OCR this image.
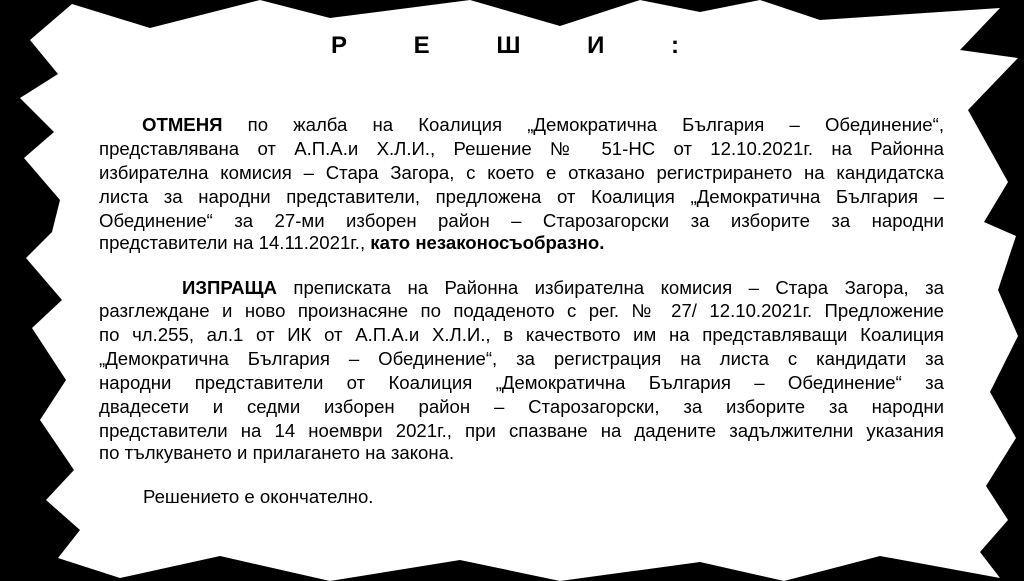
Р Е Ш И :
ОТМЕНЯ по жалба на Коалиция „Демократична България – Обединение“,
представлявана от А.П.А.и Х.Л.И., Решение № 51-НС от 12.10.2021г. на Районна
избирателна комисия – Стара Загора, с което е отказано регистрирането на кандидатска
листа за народни представители, предложена от Коалиция „Демократична България –
Обединение“ за 27-ми изборен район – Старозагорски за изборите за народни
представители на 14.11.2021г., като незаконосъобразно.
ИЗПРАЩА преписката на Районна избирателна комисия – Стара Загора, за
разглеждане и ново произнасяне по подаденото с рег. № 27/ 12.10.2021г. Предложение
по чл.255, ал.1 от ИК от А.П.А.и Х.Л.И., в качеството им на представляващи Коалиция
„Демократична България – Обединение“, за регистрация на листа с кандидати за
народни представители от Коалиция „Демократична България – Обединение“ за
двадесети и седми изборен район – Старозагорски, за изборите за народни
представители на 14 ноември 2021г., при спазване на дадените задължителни указания
по тълкуването и прилагането на закона.
Решението е окончателно.
